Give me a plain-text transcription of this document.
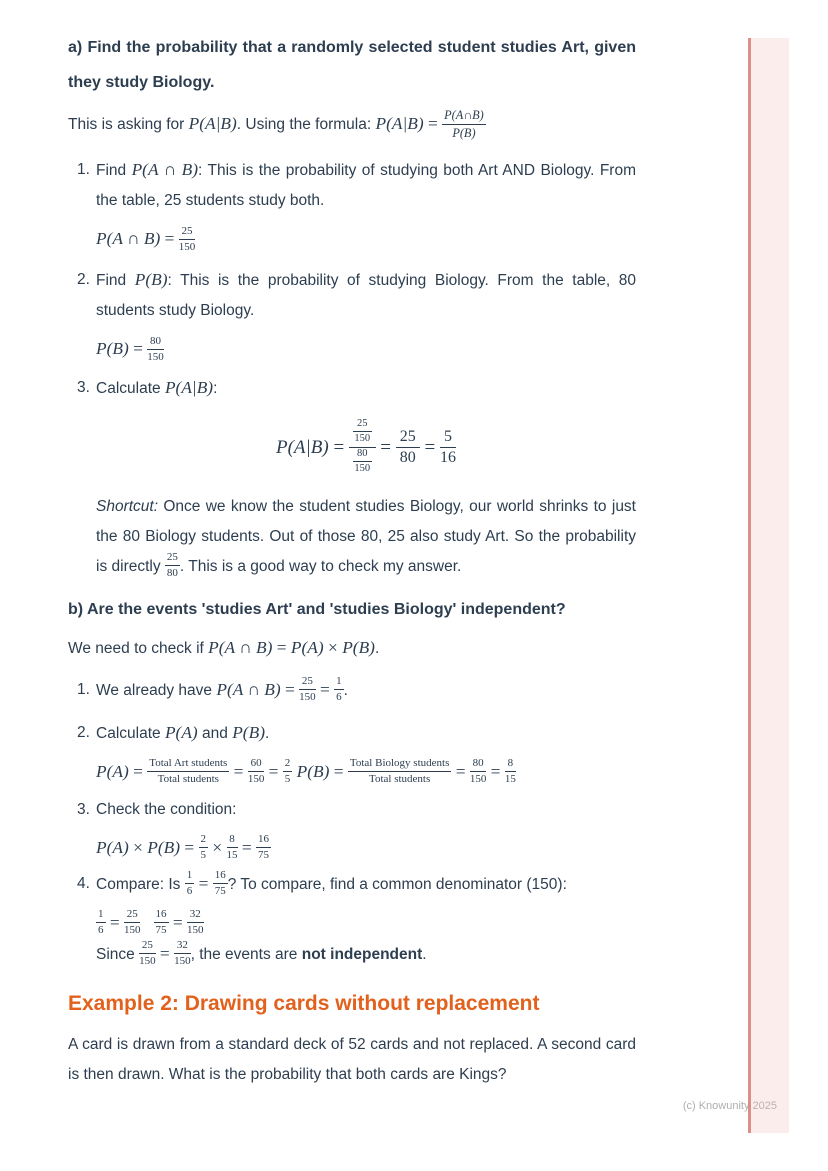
a) Find the probability that a randomly selected student studies Art, given they study Biology.
This is asking for P(A|B). Using the formula: $P(A|B) = \frac{P(A\cap B)}{P(B)}$
1. Find P(A ∩ B): This is the probability of studying both Art AND Biology. From the table, 25 students study both.
P(A ∩ $B) = \frac{25}{150}$
2. Find P(B): This is the probability of studying Biology. From the table, 80 students study Biology.
$P(B) = \frac{80}{150}$
3. Calculate P(A|B):
$P(A|B) = \frac{\frac{25}{150}}{\frac{80}{150}} = \frac{25}{80} = \frac{5}{16}$
Shortcut: Once we know the student studies Biology, our world shrinks to just the 80 Biology students. Out of those 80, 25 also study Art. So the probability is directly $\frac{25}{80}$ . This is a good way to check my answer.
b) Are the events 'studies Art' and 'studies Biology' independent?
We need to check if P(A ∩ B) = P(A) × P(B).
1. We already have P(A ∩ $B) = \frac{25}{150} = \frac{1}{6}$ .
2. Calculate P(A) and P(B).
$P(A) = \frac{\text{Total Art students}}{\text{Total students}} = \frac{60}{150} = \frac{2}{5} P(B) = \frac{\text{Total Biology students}}{\text{Total students}} = \frac{80}{150} = \frac{8}{15}$
3. Check the condition:
$P(A) \times P(B) = \frac{2}{5} \times \frac{8}{15} = \frac{16}{75}$
4. Compare: Is $\frac{1}{6} = \frac{16}{75}$ ? To compare, find a common denominator (150):
$\frac{1}{6} = \frac{25}{150}$
$\frac{16}{75} = \frac{32}{150}$
Since $\frac{25}{150} = \frac{32}{150}$ , the events are not independent.
Example 2: Drawing cards without replacement
A card is drawn from a standard deck of 52 cards and not replaced. A second card is then drawn. What is the probability that both cards are Kings?
(c) Knowunity 2025
